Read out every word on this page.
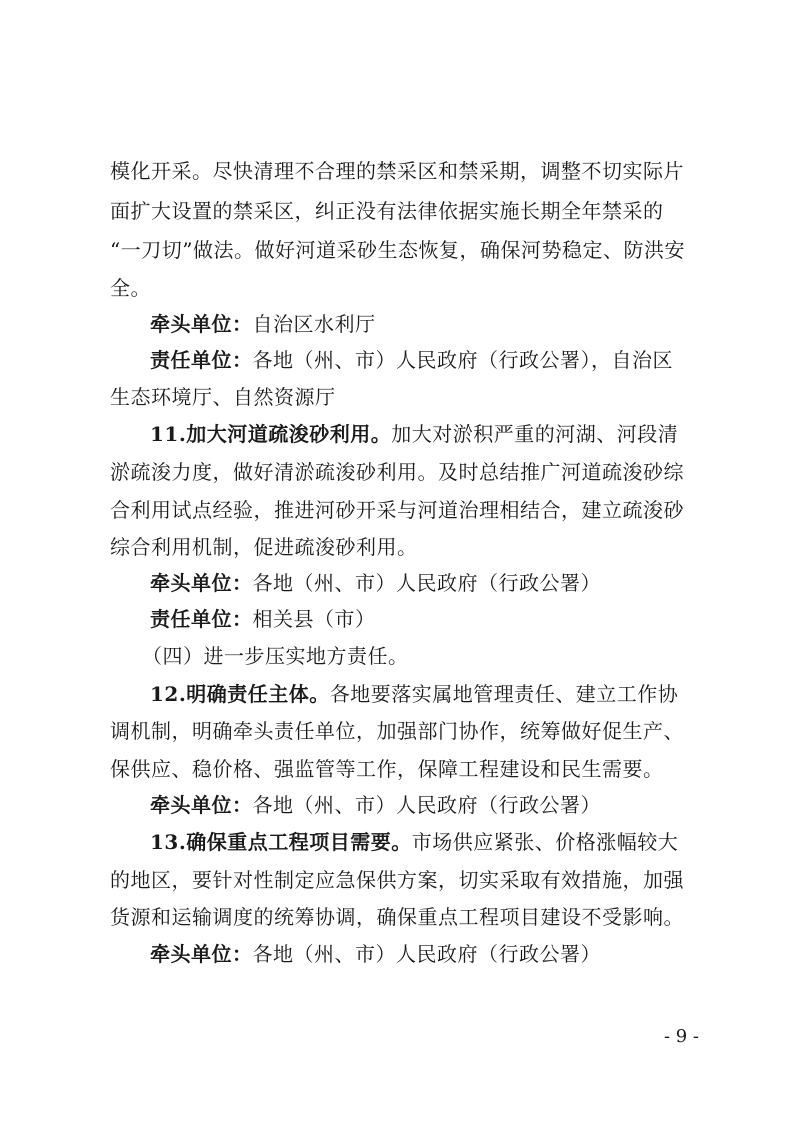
模化开采。尽快清理不合理的禁采区和禁采期，调整不切实际片
面扩大设置的禁采区，纠正没有法律依据实施长期全年禁采的
“一刀切”做法。做好河道采砂生态恢复，确保河势稳定、防洪安
全。
牵头单位：自治区水利厅
责任单位：各地（州、市）人民政府（行政公署），自治区
生态环境厅、自然资源厅
11.加大河道疏浚砂利用。加大对淤积严重的河湖、河段清
淤疏浚力度，做好清淤疏浚砂利用。及时总结推广河道疏浚砂综
合利用试点经验，推进河砂开采与河道治理相结合，建立疏浚砂
综合利用机制，促进疏浚砂利用。
牵头单位：各地（州、市）人民政府（行政公署）
责任单位：相关县（市）
（四）进一步压实地方责任。
12.明确责任主体。各地要落实属地管理责任、建立工作协
调机制，明确牵头责任单位，加强部门协作，统筹做好促生产、
保供应、稳价格、强监管等工作，保障工程建设和民生需要。
牵头单位：各地（州、市）人民政府（行政公署）
13.确保重点工程项目需要。市场供应紧张、价格涨幅较大
的地区，要针对性制定应急保供方案，切实采取有效措施，加强
货源和运输调度的统筹协调，确保重点工程项目建设不受影响。
牵头单位：各地（州、市）人民政府（行政公署）
- 9 -
